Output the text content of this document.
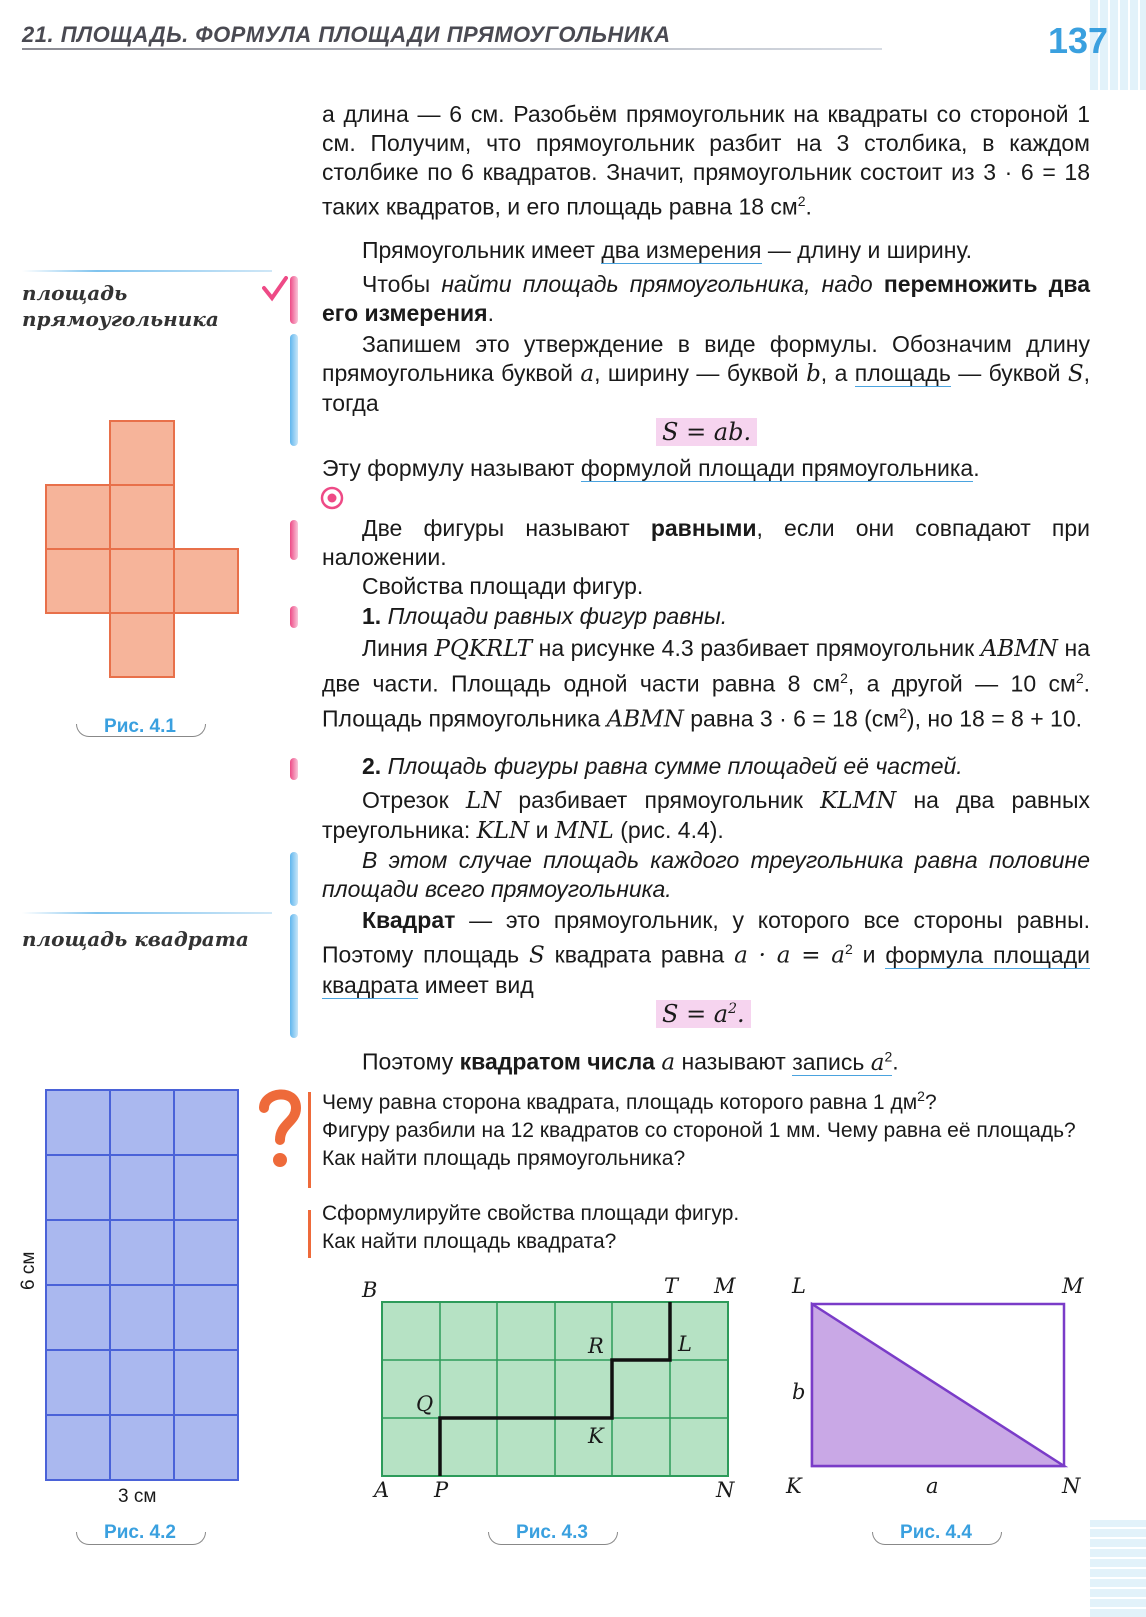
21. ПЛОЩАДЬ. ФОРМУЛА ПЛОЩАДИ ПРЯМОУГОЛЬНИКА	137

а длина — 6 см. Разобьём прямоугольник на квадраты со стороной 1 см. Получим, что прямоугольник разбит на 3 столбика, в каждом столбике по 6 квадратов. Значит, прямоугольник состоит из 3 · 6 = 18 таких квадратов, и его площадь равна 18 $см^2$.

Прямоугольник имеет два измерения — длину и ширину.

площадь
прямоугольника

Чтобы найти площадь прямоугольника, надо перемножить два его измерения.

Запишем это утверждение в виде формулы. Обозначим длину прямоугольника буквой a, ширину — буквой b, а площадь — буквой S, тогда

S = ab.

Эту формулу называют формулой площади прямоугольника.

Две фигуры называют равными, если они совпадают при наложении.

Свойства площади фигур.

1. Площади равных фигур равны.

Линия PQKRLT на рисунке 4.3 разбивает прямоугольник ABMN на две части. Площадь одной части равна 8 $см^2$, а другой — 10 $см^2$. Площадь прямоугольника ABMN равна 3 · 6 = 18 $(см^2)$, но 18 = 8 + 10.

2. Площадь фигуры равна сумме площадей её частей.

Отрезок LN разбивает прямоугольник KLMN на два равных треугольника: KLN и MNL (рис. 4.4).

В этом случае площадь каждого треугольника равна половине площади всего прямоугольника.

площадь квадрата

Квадрат — это прямоугольник, у которого все стороны равны. Поэтому площадь S квадрата равна $a \cdot a = a^2$ и формула площади квадрата имеет вид

$S = a^2$.

Поэтому квадратом числа a называют запись $a^2$.

Чему равна сторона квадрата, площадь которого равна 1 $дм^2$?
Фигуру разбили на 12 квадратов со стороной 1 мм. Чему равна её площадь?
Как найти площадь прямоугольника?
Сформулируйте свойства площади фигур.
Как найти площадь квадрата?
Рис. 4.1
6 см
3 см
Рис. 4.2
B	T M
R	L
Q
K
A P	N
Рис. 4.3
L	M
b
K	a	N
Рис. 4.4
